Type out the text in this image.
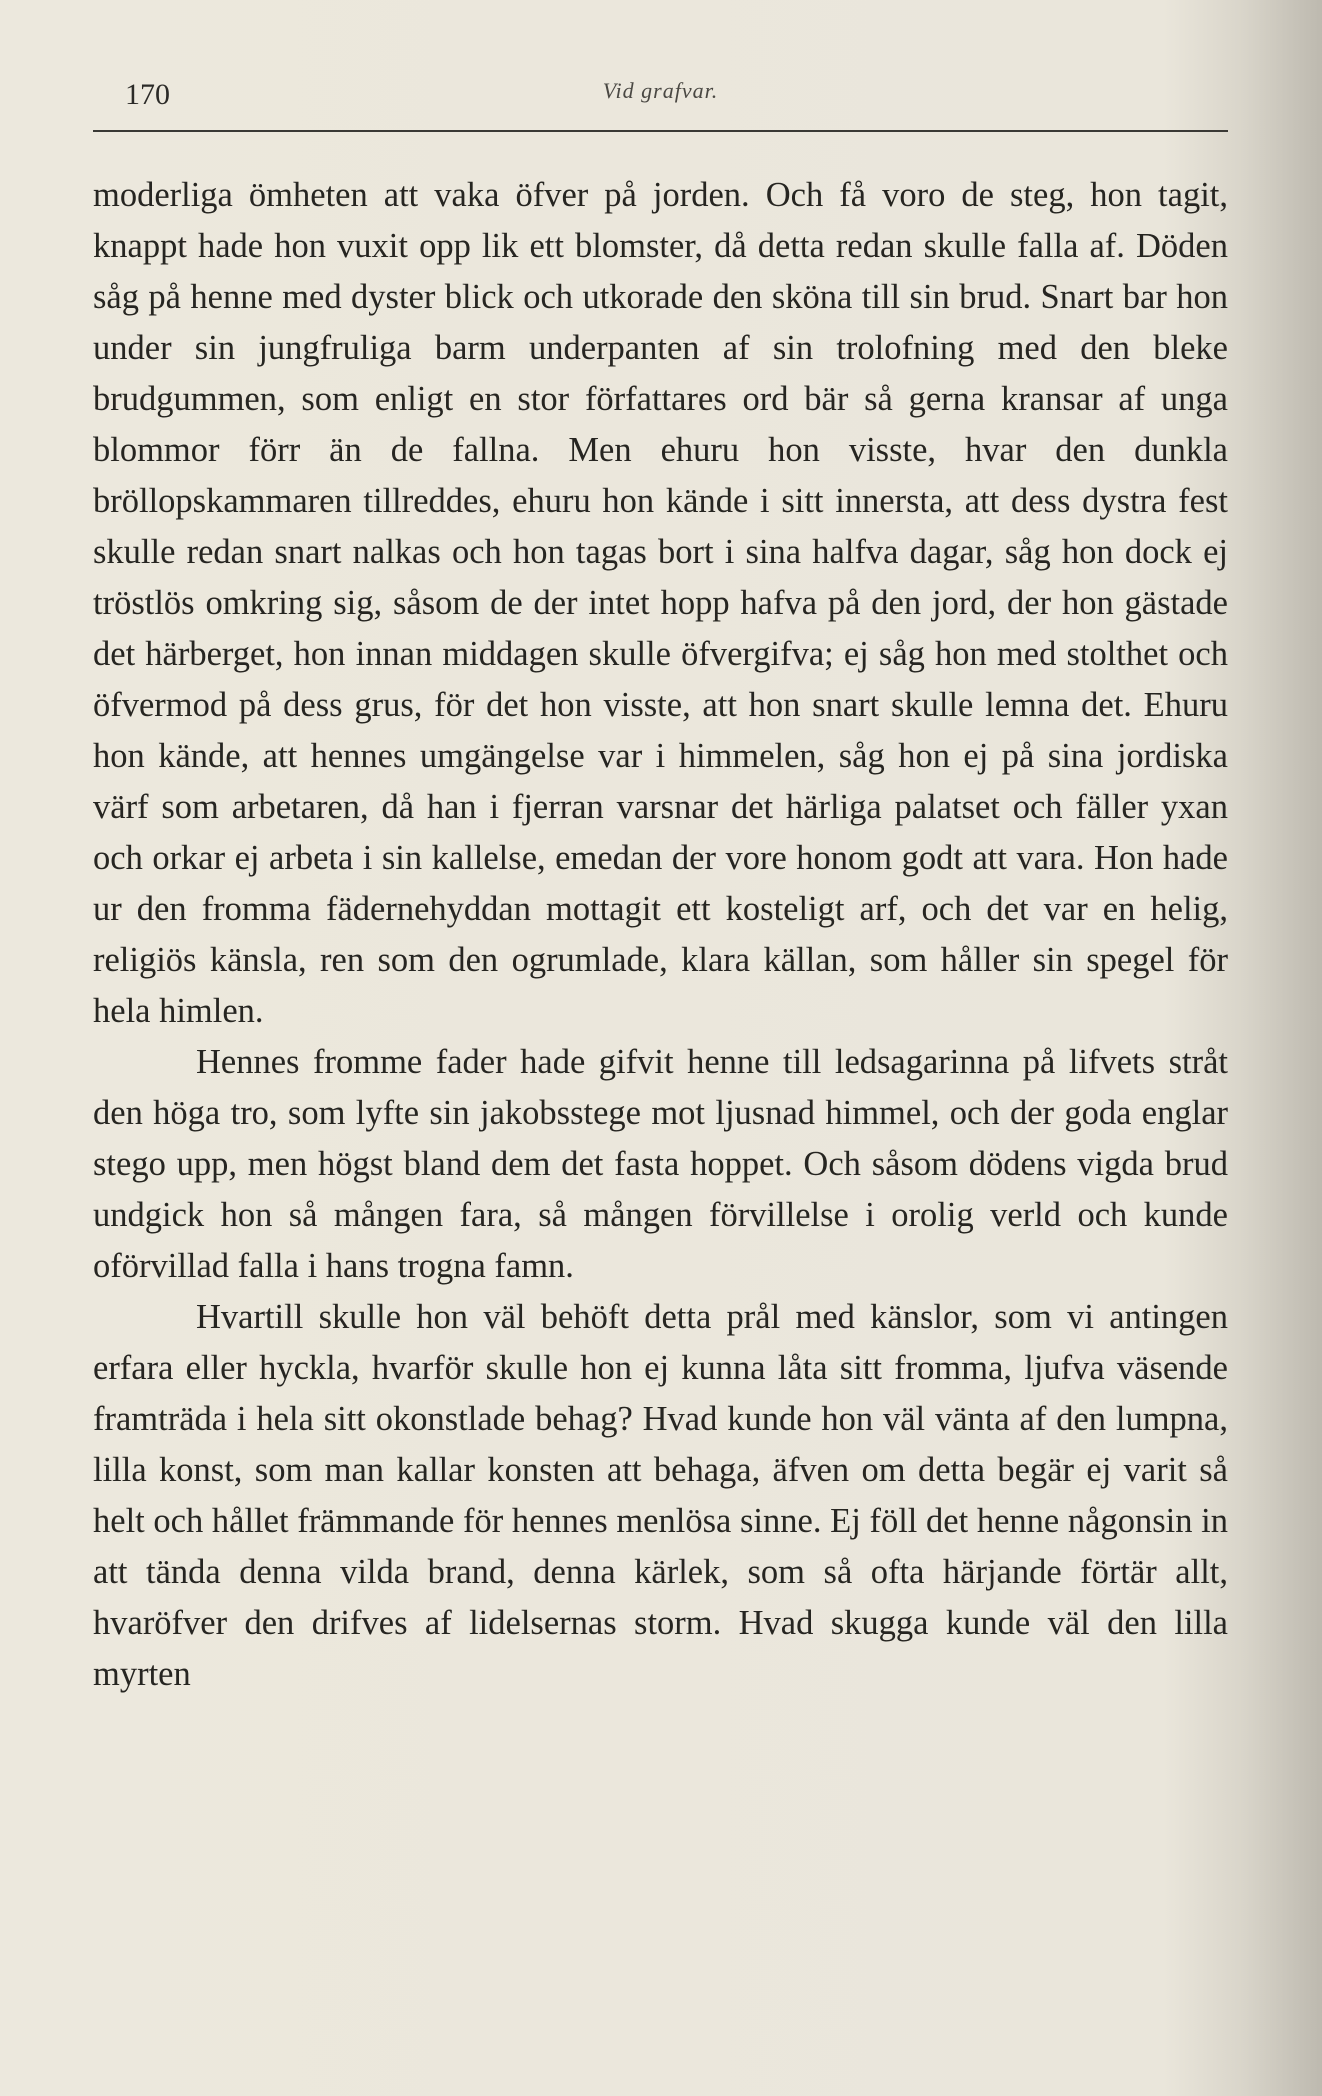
170	Vid grafvar.

moderliga ömheten att vaka öfver på jorden. Och få voro de steg, hon tagit, knappt hade hon vuxit opp lik ett blomster, då detta redan skulle falla af. Döden såg på henne med dyster blick och utkorade den sköna till sin brud. Snart bar hon under sin jungfruliga barm underpanten af sin trolofning med den bleke brudgummen, som enligt en stor författares ord bär så gerna kransar af unga blommor förr än de fallna. Men ehuru hon visste, hvar den dunkla bröllopskammaren tillreddes, ehuru hon kände i sitt innersta, att dess dystra fest skulle redan snart nalkas och hon tagas bort i sina halfva dagar, såg hon dock ej tröstlös omkring sig, såsom de der intet hopp hafva på den jord, der hon gästade det härberget, hon innan middagen skulle öfvergifva; ej såg hon med stolthet och öfvermod på dess grus, för det hon visste, att hon snart skulle lemna det. Ehuru hon kände, att hennes umgängelse var i himmelen, såg hon ej på sina jordiska värf som arbetaren, då han i fjerran varsnar det härliga palatset och fäller yxan och orkar ej arbeta i sin kallelse, emedan der vore honom godt att vara. Hon hade ur den fromma fädernehyddan mottagit ett kosteligt arf, och det var en helig, religiös känsla, ren som den ogrumlade, klara källan, som håller sin spegel för hela himlen.

Hennes fromme fader hade gifvit henne till ledsagarinna på lifvets stråt den höga tro, som lyfte sin jakobsstege mot ljusnad himmel, och der goda englar stego upp, men högst bland dem det fasta hoppet. Och såsom dödens vigda brud undgick hon så mången fara, så mången förvillelse i orolig verld och kunde oförvillad falla i hans trogna famn.

Hvartill skulle hon väl behöft detta prål med känslor, som vi antingen erfara eller hyckla, hvarför skulle hon ej kunna låta sitt fromma, ljufva väsende framträda i hela sitt okonstlade behag? Hvad kunde hon väl vänta af den lumpna, lilla konst, som man kallar konsten att behaga, äfven om detta begär ej varit så helt och hållet främmande för hennes menlösa sinne. Ej föll det henne någonsin in att tända denna vilda brand, denna kärlek, som så ofta härjande förtär allt, hvaröfver den drifves af lidelsernas storm. Hvad skugga kunde väl den lilla myrten
